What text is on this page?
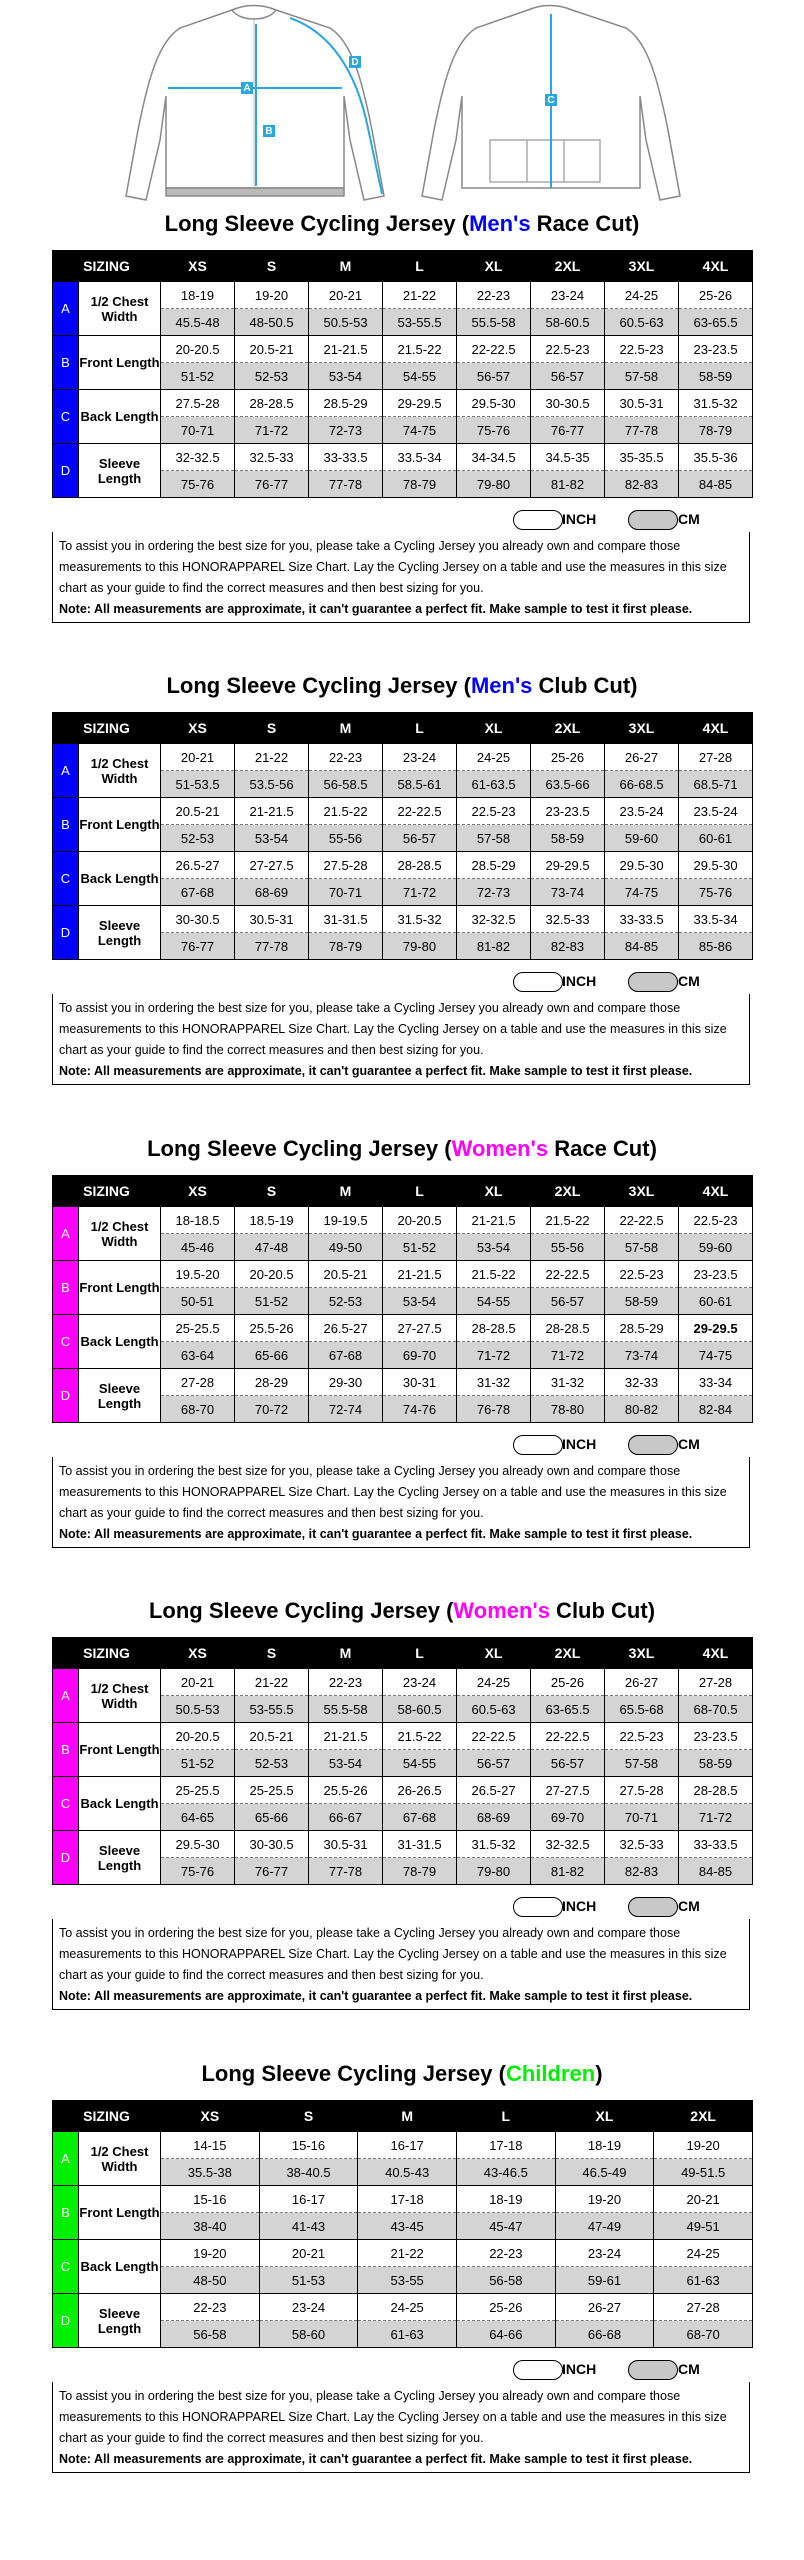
A
B
D
C
Long Sleeve Cycling Jersey (Men's Race Cut)
SIZING		XS	S	M	L	XL	2XL	3XL	4XL
A	1/2 Chest Width	18-19	19-20	20-21	21-22	22-23	23-24	24-25	25-26
		45.5-48	48-50.5	50.5-53	53-55.5	55.5-58	58-60.5	60.5-63	63-65.5
B	Front Length	20-20.5	20.5-21	21-21.5	21.5-22	22-22.5	22.5-23	22.5-23	23-23.5
		51-52	52-53	53-54	54-55	56-57	56-57	57-58	58-59
C	Back Length	27.5-28	28-28.5	28.5-29	29-29.5	29.5-30	30-30.5	30.5-31	31.5-32
		70-71	71-72	72-73	74-75	75-76	76-77	77-78	78-79
D	Sleeve Length	32-32.5	32.5-33	33-33.5	33.5-34	34-34.5	34.5-35	35-35.5	35.5-36
		75-76	76-77	77-78	78-79	79-80	81-82	82-83	84-85
INCH	CM
To assist you in ordering the best size for you, please take a Cycling Jersey you already own and compare those measurements to this HONORAPPAREL Size Chart. Lay the Cycling Jersey on a table and use the measures in this size chart as your guide to find the correct measures and then best sizing for you.
Note: All measurements are approximate, it can't guarantee a perfect fit. Make sample to test it first please.
Long Sleeve Cycling Jersey (Men's Club Cut)
SIZING		XS	S	M	L	XL	2XL	3XL	4XL
A	1/2 Chest Width	20-21	21-22	22-23	23-24	24-25	25-26	26-27	27-28
		51-53.5	53.5-56	56-58.5	58.5-61	61-63.5	63.5-66	66-68.5	68.5-71
B	Front Length	20.5-21	21-21.5	21.5-22	22-22.5	22.5-23	23-23.5	23.5-24	23.5-24
		52-53	53-54	55-56	56-57	57-58	58-59	59-60	60-61
C	Back Length	26.5-27	27-27.5	27.5-28	28-28.5	28.5-29	29-29.5	29.5-30	29.5-30
		67-68	68-69	70-71	71-72	72-73	73-74	74-75	75-76
D	Sleeve Length	30-30.5	30.5-31	31-31.5	31.5-32	32-32.5	32.5-33	33-33.5	33.5-34
		76-77	77-78	78-79	79-80	81-82	82-83	84-85	85-86
INCH	CM
To assist you in ordering the best size for you, please take a Cycling Jersey you already own and compare those measurements to this HONORAPPAREL Size Chart. Lay the Cycling Jersey on a table and use the measures in this size chart as your guide to find the correct measures and then best sizing for you.
Note: All measurements are approximate, it can't guarantee a perfect fit. Make sample to test it first please.
Long Sleeve Cycling Jersey (Women's Race Cut)
SIZING		XS	S	M	L	XL	2XL	3XL	4XL
A	1/2 Chest Width	18-18.5	18.5-19	19-19.5	20-20.5	21-21.5	21.5-22	22-22.5	22.5-23
		45-46	47-48	49-50	51-52	53-54	55-56	57-58	59-60
B	Front Length	19.5-20	20-20.5	20.5-21	21-21.5	21.5-22	22-22.5	22.5-23	23-23.5
		50-51	51-52	52-53	53-54	54-55	56-57	58-59	60-61
C	Back Length	25-25.5	25.5-26	26.5-27	27-27.5	28-28.5	28-28.5	28.5-29	29-29.5
		63-64	65-66	67-68	69-70	71-72	71-72	73-74	74-75
D	Sleeve Length	27-28	28-29	29-30	30-31	31-32	31-32	32-33	33-34
		68-70	70-72	72-74	74-76	76-78	78-80	80-82	82-84
INCH	CM
To assist you in ordering the best size for you, please take a Cycling Jersey you already own and compare those measurements to this HONORAPPAREL Size Chart. Lay the Cycling Jersey on a table and use the measures in this size chart as your guide to find the correct measures and then best sizing for you.
Note: All measurements are approximate, it can't guarantee a perfect fit. Make sample to test it first please.
Long Sleeve Cycling Jersey (Women's Club Cut)
SIZING		XS	S	M	L	XL	2XL	3XL	4XL
A	1/2 Chest Width	20-21	21-22	22-23	23-24	24-25	25-26	26-27	27-28
		50.5-53	53-55.5	55.5-58	58-60.5	60.5-63	63-65.5	65.5-68	68-70.5
B	Front Length	20-20.5	20.5-21	21-21.5	21.5-22	22-22.5	22-22.5	22.5-23	23-23.5
		51-52	52-53	53-54	54-55	56-57	56-57	57-58	58-59
C	Back Length	25-25.5	25-25.5	25.5-26	26-26.5	26.5-27	27-27.5	27.5-28	28-28.5
		64-65	65-66	66-67	67-68	68-69	69-70	70-71	71-72
D	Sleeve Length	29.5-30	30-30.5	30.5-31	31-31.5	31.5-32	32-32.5	32.5-33	33-33.5
		75-76	76-77	77-78	78-79	79-80	81-82	82-83	84-85
INCH	CM
To assist you in ordering the best size for you, please take a Cycling Jersey you already own and compare those measurements to this HONORAPPAREL Size Chart. Lay the Cycling Jersey on a table and use the measures in this size chart as your guide to find the correct measures and then best sizing for you.
Note: All measurements are approximate, it can't guarantee a perfect fit. Make sample to test it first please.
Long Sleeve Cycling Jersey (Children)
SIZING		XS	S	M	L	XL	2XL
A	1/2 Chest Width	14-15	15-16	16-17	17-18	18-19	19-20
		35.5-38	38-40.5	40.5-43	43-46.5	46.5-49	49-51.5
B	Front Length	15-16	16-17	17-18	18-19	19-20	20-21
		38-40	41-43	43-45	45-47	47-49	49-51
C	Back Length	19-20	20-21	21-22	22-23	23-24	24-25
		48-50	51-53	53-55	56-58	59-61	61-63
D	Sleeve Length	22-23	23-24	24-25	25-26	26-27	27-28
		56-58	58-60	61-63	64-66	66-68	68-70
INCH	CM
To assist you in ordering the best size for you, please take a Cycling Jersey you already own and compare those measurements to this HONORAPPAREL Size Chart. Lay the Cycling Jersey on a table and use the measures in this size chart as your guide to find the correct measures and then best sizing for you.
Note: All measurements are approximate, it can't guarantee a perfect fit. Make sample to test it first please.
